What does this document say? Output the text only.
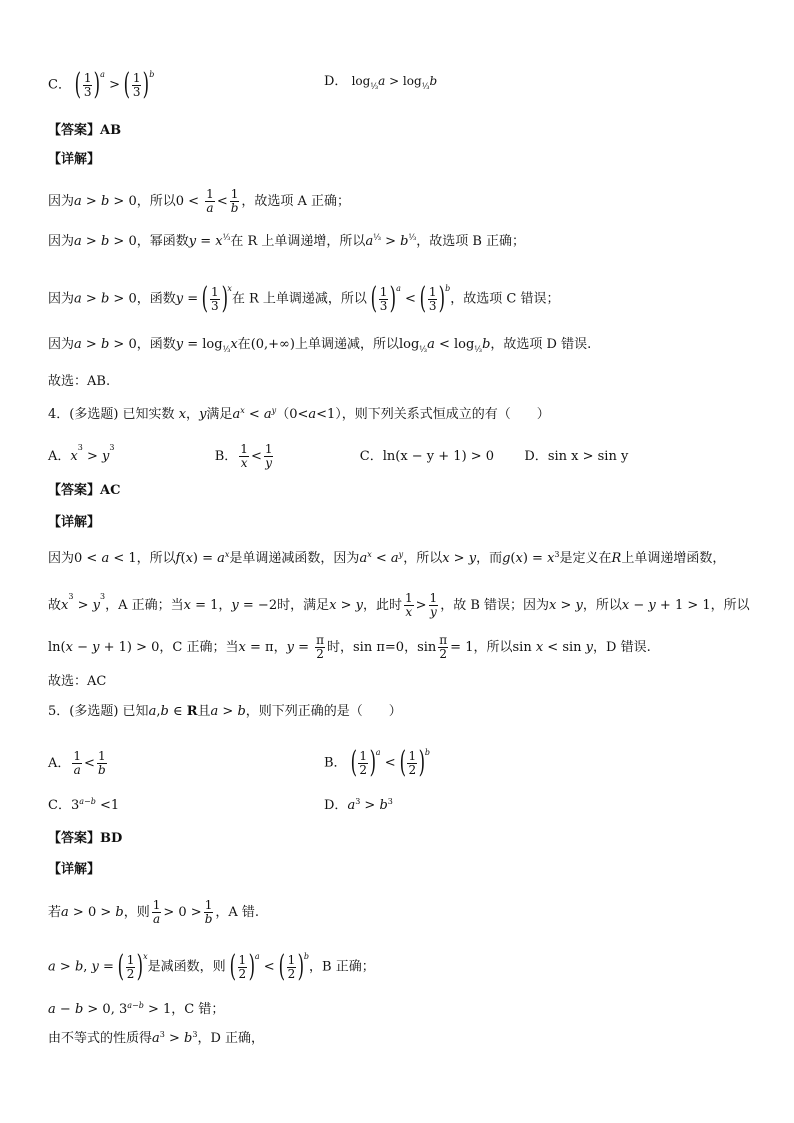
C． ( $\frac{1}{3}$ ) $^a$ > ( $\frac{1}{3}$ ) $^b$	D． $\log_{\frac{1}{3}}a > \log_{\frac{1}{3}}b$
【答案】AB
【详解】
因为a > b > 0，所以$0 < \frac{1}{a} < \frac{1}{b}$ ，故选项 A 正确；
因为a > b > 0，幂函数$y = x^{\frac{1}{3}}$在 R 上单调递增，所以$a^{\frac{1}{3}} > b^{\frac{1}{3}}$，故选项 B 正确；
因为a > b > 0，函数y = ( $\frac{1}{3}$ ) $^x$在 R 上单调递减，所以 ( $\frac{1}{3}$ ) $^a$ < ( $\frac{1}{3}$ ) $^b$，故选项 C 错误；
因为a > b > 0，函数$y = \log_{\frac{1}{3}}x$在(0,+∞)上单调递减，所以$\log_{\frac{1}{3}}a < \log_{\frac{1}{3}}b$，故选项 D 错误.
故选：AB.
4．(多选题) 已知实数 x，y满足$a^x < a^y(0<a<1)$，则下列关系式恒成立的有（　　）
A．$x^3 > y^3$  B． $\frac{1}{x} < \frac{1}{y}$	C．ln(x − y + 1) > 0 D．sin x > sin y
【答案】AC
【详解】
因为0 < a < 1，所以$f(x) = a^x$是单调递减函数，因为$a^x < a^y$，所以x > y，而$g(x) = x^3$是定义在R上单调递增函数，
故$x^3 > y^3$，A 正确；当x = 1，y = −2时，满足x > y，此时 $\frac{1}{x} > \frac{1}{y}$ ，故 B 错误；因为x > y，所以x − y + 1 > 1，所以
ln(x − y + 1) > 0，C 正确；当x = π，$y = \frac{\pi}{2}$ 时，sin π=0，$\sin \frac{\pi}{2} = 1$，所以sin x < sin y，D 错误.
故选：AC
5．(多选题) 已知a,b ∈ R且a > b，则下列正确的是（　　）
A． $\frac{1}{a} < \frac{1}{b}$	B． ( $\frac{1}{2}$ ) $^a$ < ( $\frac{1}{2}$ ) $^b$
C．$3^{a-b} <1$	D．$a^3 > b^3$
【答案】BD
【详解】
若a > 0 > b，则 $\frac{1}{a} > 0 > \frac{1}{b}$ ，A 错.
a > b, y = ( $\frac{1}{2}$ ) $^x$是减函数，则 ( $\frac{1}{2}$ ) $^a$ < ( $\frac{1}{2}$ ) $^b$，B 正确；
a − b > 0, $3^{a-b} > 1$，C 错；
由不等式的性质得$a^3 > b^3$，D 正确，
